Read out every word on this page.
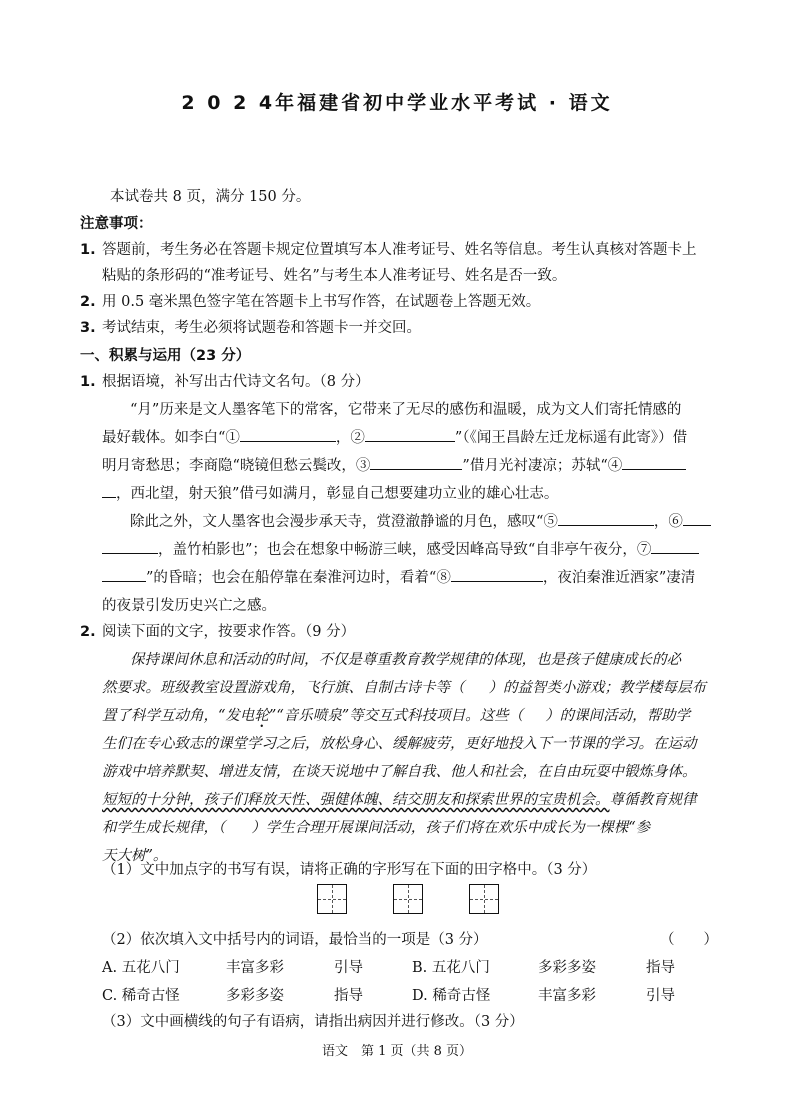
2 0 2 4年福建省初中学业水平考试 · 语文
本试卷共 8 页，满分 150 分。
注意事项：
1. 答题前，考生务必在答题卡规定位置填写本人准考证号、姓名等信息。考生认真核对答题卡上
粘贴的条形码的“准考证号、姓名”与考生本人准考证号、姓名是否一致。
2. 用 0.5 毫米黑色签字笔在答题卡上书写作答，在试题卷上答题无效。
3. 考试结束，考生必须将试题卷和答题卡一并交回。
一、积累与运用（23 分）
1. 根据语境，补写出古代诗文名句。（8 分）
“月”历来是文人墨客笔下的常客，它带来了无尽的感伤和温暖，成为文人们寄托情感的
最好载体。如李白“①	，②	”（《闻王昌龄左迁龙标遥有此寄》）借
明月寄愁思；李商隐“晓镜但愁云鬓改，③	”借月光衬凄凉；苏轼“④
，西北望，射天狼”借弓如满月，彰显自己想要建功立业的雄心壮志。
除此之外，文人墨客也会漫步承天寺，赏澄澈静谧的月色，感叹“⑤	，⑥
，盖竹柏影也”；也会在想象中畅游三峡，感受因峰高导致“自非亭午夜分，⑦
”的昏暗；也会在船停靠在秦淮河边时，看着“⑧	，夜泊秦淮近酒家”凄清
的夜景引发历史兴亡之感。
2. 阅读下面的文字，按要求作答。（9 分）
保持课间休息和活动的时间，不仅是尊重教育教学规律的体现，也是孩子健康成长的必
然要求。班级教室设置游戏角，飞行旗、自制古诗卡等（ ）的益智类小游戏；教学楼每层布
置了科学互动角，“发电轮”“音乐喷泉”等交互式科技项目。这些（ ）的课间活动，帮助学
生们在专心致志的课堂学习之后，放松身心、缓解疲劳，更好地投入下一节课的学习。在运动
游戏中培养默契、增进友情，在谈天说地中了解自我、他人和社会，在自由玩耍中锻炼身体。
短短的十分钟，孩子们释放天性、强健体魄、结交朋友和探索世界的宝贵机会。尊循教育规律
和学生成长规律，（ ）学生合理开展课间活动，孩子们将在欢乐中成长为一棵棵“参
天大树”。
（1）文中加点字的书写有误，请将正确的字形写在下面的田字格中。（3 分）
（2）依次填入文中括号内的词语，最恰当的一项是（3 分）	（　　）
A. 五花八门	丰富多彩	引导	B. 五花八门	多彩多姿	指导
C. 稀奇古怪	多彩多姿	指导	D. 稀奇古怪	丰富多彩	引导
（3）文中画横线的句子有语病，请指出病因并进行修改。（3 分）
语文　第 1 页（共 8 页）
